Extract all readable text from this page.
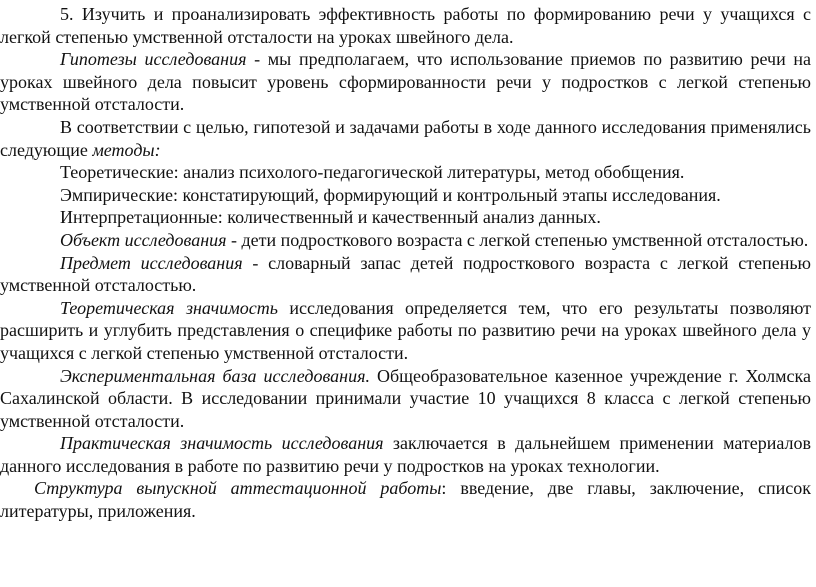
5. Изучить и проанализировать эффективность работы по формированию речи у учащихся с легкой степенью умственной отсталости на уроках швейного дела.

Гипотезы исследования - мы предполагаем, что использование приемов по развитию речи на уроках швейного дела повысит уровень сформированности речи у подростков с легкой степенью умственной отсталости.

В соответствии с целью, гипотезой и задачами работы в ходе данного исследования применялись следующие методы:

Теоретические: анализ психолого-педагогической литературы, метод обобщения.

Эмпирические: констатирующий, формирующий и контрольный этапы исследования.

Интерпретационные: количественный и качественный анализ данных.

Объект исследования - дети подросткового возраста с легкой степенью умственной отсталостью.

Предмет исследования - словарный запас детей подросткового возраста с легкой степенью умственной отсталостью.

Теоретическая значимость исследования определяется тем, что его результаты позволяют расширить и углубить представления о специфике работы по развитию речи на уроках швейного дела у учащихся с легкой степенью умственной отсталости.

Экспериментальная база исследования. Общеобразовательное казенное учреждение г. Холмска Сахалинской области. В исследовании принимали участие 10 учащихся 8 класса с легкой степенью умственной отсталости.

Практическая значимость исследования заключается в дальнейшем применении материалов данного исследования в работе по развитию речи у подростков на уроках технологии.

Структура выпускной аттестационной работы: введение, две главы, заключение, список литературы, приложения.
